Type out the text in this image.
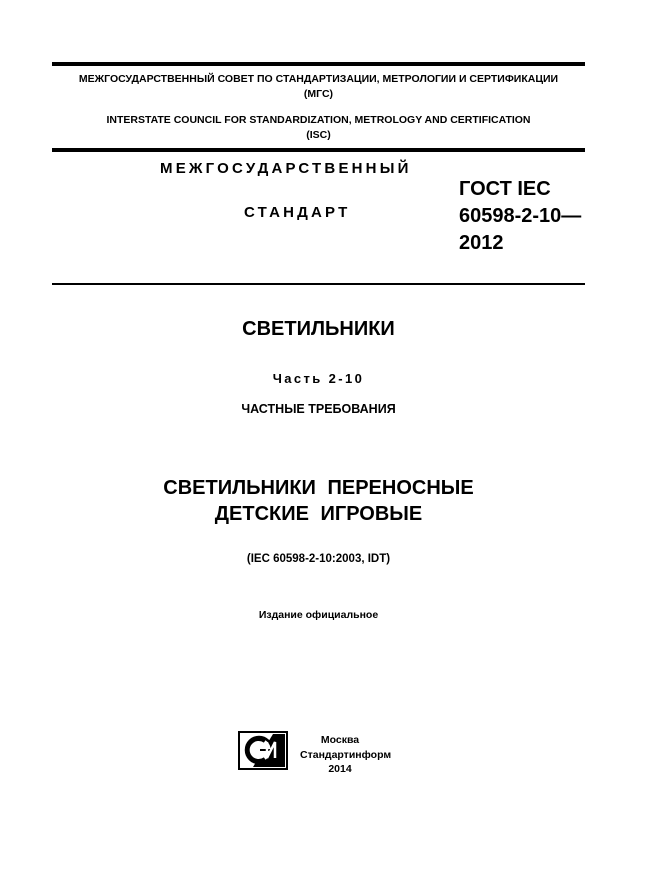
МЕЖГОСУДАРСТВЕННЫЙ СОВЕТ ПО СТАНДАРТИЗАЦИИ, МЕТРОЛОГИИ И СЕРТИФИКАЦИИ
(МГС)
INTERSTATE COUNCIL FOR STANDARDIZATION, METROLOGY AND CERTIFICATION
(ISC)
МЕЖГОСУДАРСТВЕННЫЙ
СТАНДАРТ
ГОСТ IEC
60598-2-10—
2012
СВЕТИЛЬНИКИ
Часть 2-10
ЧАСТНЫЕ ТРЕБОВАНИЯ
СВЕТИЛЬНИКИ ПЕРЕНОСНЫЕ
ДЕТСКИЕ ИГРОВЫЕ
(IEC 60598-2-10:2003, IDT)
Издание официальное
Москва
Стандартинформ
2014
